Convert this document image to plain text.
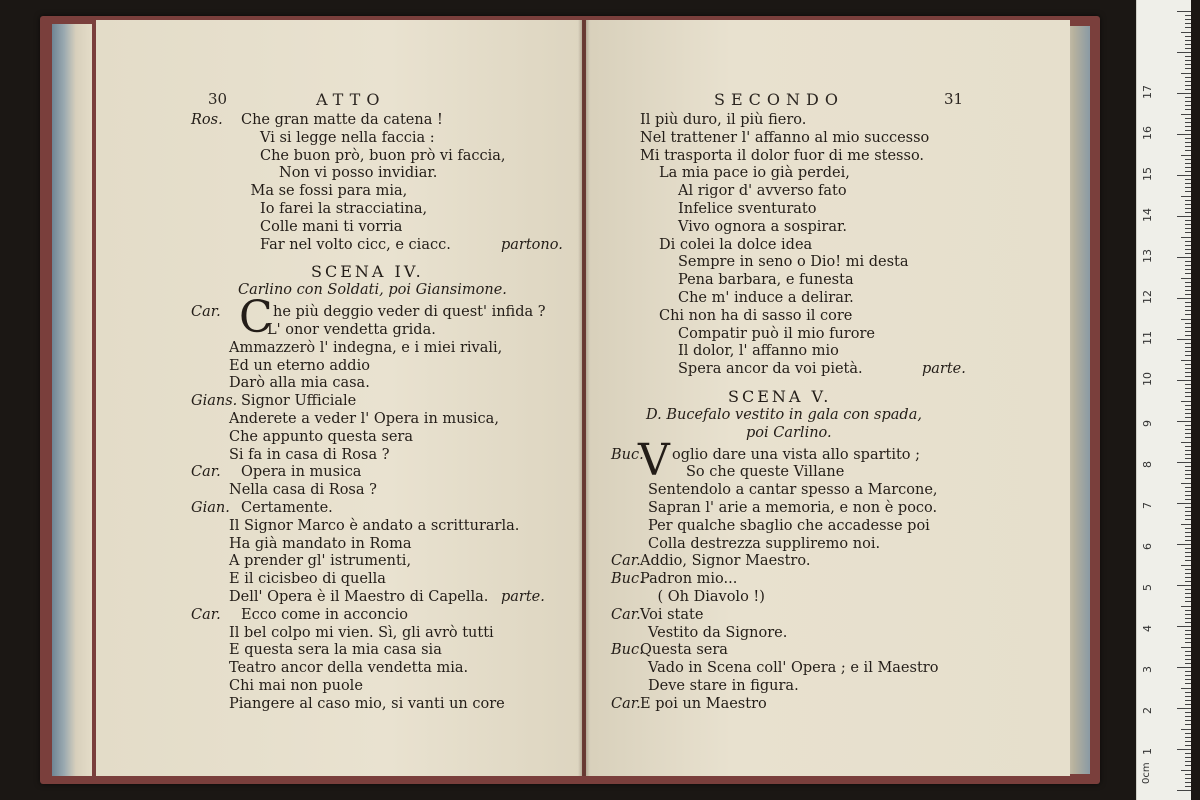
30	ATTO
Ros. Che gran matte da catena !
Vi si legge nella faccia :
Che buon prò, buon prò vi faccia,
Non vi posso invidiar.
Ma se fossi para mia,
Io farei la stracciatina,
Colle mani ti vorria
Far nel volto cicc, e ciacc.	partono.
SCENA IV.
Carlino con Soldati, poi Giansimone.
Car. C he più deggio veder di quest' infida ?
L' onor vendetta grida.
Ammazzerò l' indegna, e i miei rivali,
Ed un eterno addio
Darò alla mia casa.
Gians. Signor Ufficiale
Anderete a veder l' Opera in musica,
Che appunto questa sera
Si fa in casa di Rosa ?
Car. Opera in musica
Nella casa di Rosa ?
Gian. Certamente.
Il Signor Marco è andato a scritturarla.
Ha già mandato in Roma
A prender gl' istrumenti,
E il cicisbeo di quella
Dell' Opera è il Maestro di Capella. parte.
Car. Ecco come in acconcio
Il bel colpo mi vien. Sì, gli avrò tutti
E questa sera la mia casa sia
Teatro ancor della vendetta mia.
Chi mai non puole
Piangere al caso mio, si vanti un core
31
SECONDO
Il più duro, il più fiero.
Nel trattener l' affanno al mio successo
Mi trasporta il dolor fuor di me stesso.
La mia pace io già perdei,
Al rigor d' avverso fato
Infelice sventurato
Vivo ognora a sospirar.
Di colei la dolce idea
Sempre in seno o Dio! mi desta
Pena barbara, e funesta
Che m' induce a delirar.
Chi non ha di sasso il core
Compatir può il mio furore
Il dolor, l' affanno mio
Spera ancor da voi pietà.	parte.
SCENA V.
D. Bucefalo vestito in gala con spada,
poi Carlino.
Buc.
V oglio dare una vista allo spartito ;
So che queste Villane
Sentendolo a cantar spesso a Marcone,
Sapran l' arie a memoria, e non è poco.
Per qualche sbaglio che accadesse poi
Colla destrezza suppliremo noi.
Car. Addio, Signor Maestro.
Buc.
Padron mio...
( Oh Diavolo !)
Car. Voi state
Vestito da Signore.
Buc.
Questa sera
Vado in Scena coll' Opera ; e il Maestro
Deve stare in figura.
Car. E poi un Maestro
1
2
3
4
5
6
7
8
9
10
11
12
13
14
15
16
17
0cm
